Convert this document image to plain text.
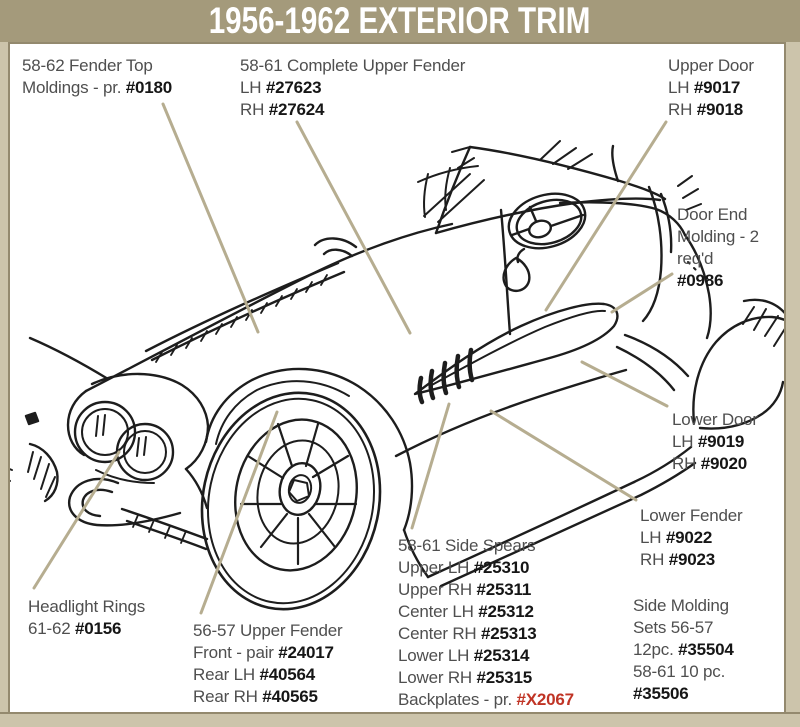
1956-1962 EXTERIOR TRIM
58-62 Fender Top
Moldings - pr. #0180
58-61 Complete Upper Fender
LH #27623
RH #27624
Upper Door
LH #9017
RH #9018
Door End
Molding - 2
req'd
#0986
Lower Door
LH #9019
RH #9020
Lower Fender
LH #9022
RH #9023
Side Molding
Sets 56-57
12pc. #35504
58-61 10 pc.
#35506
58-61 Side Spears
Upper LH #25310
Upper RH #25311
Center LH #25312
Center RH #25313
Lower LH #25314
Lower RH #25315
Backplates - pr. #X2067
Headlight Rings
61-62 #0156	56-57 Upper Fender
Front - pair #24017
Rear LH #40564
Rear RH #40565
